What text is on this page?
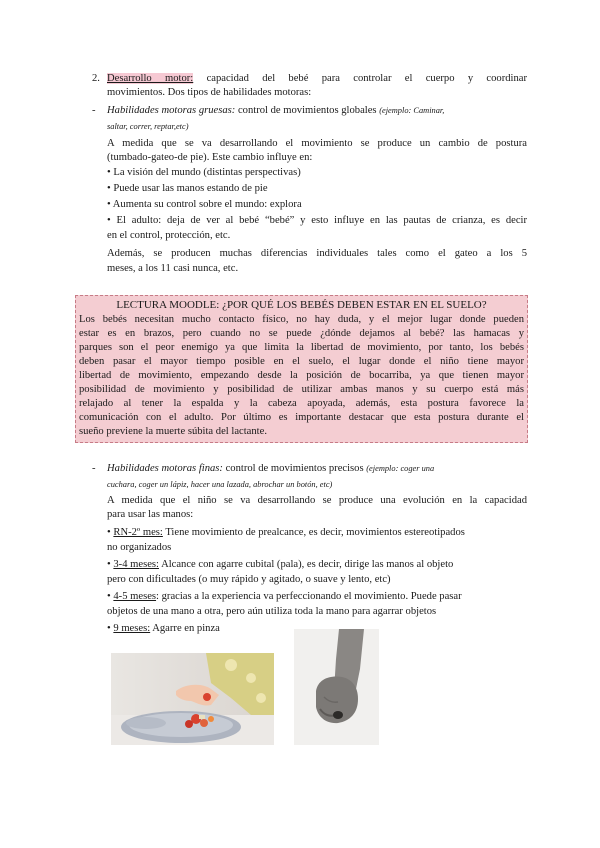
2. Desarrollo motor: capacidad del bebé para controlar el cuerpo y coordinar
movimientos. Dos tipos de habilidades motoras:
- Habilidades motoras gruesas: control de movimientos globales (ejemplo: Caminar,
saltar, correr, reptar,etc)
A medida que se va desarrollando el movimiento se produce un cambio de postura
(tumbado-gateo-de pie). Este cambio influye en:
• La visión del mundo (distintas perspectivas)
• Puede usar las manos estando de pie
• Aumenta su control sobre el mundo: explora
• El adulto: deja de ver al bebé “bebé” y esto influye en las pautas de crianza, es decir
en el control, protección, etc.
Además, se producen muchas diferencias individuales tales como el gateo a los 5
meses, a los 11 casi nunca, etc.
LECTURA MOODLE: ¿POR QUÉ LOS BEBÉS DEBEN ESTAR EN EL SUELO?
Los bebés necesitan mucho contacto físico, no hay duda, y el mejor lugar donde pueden
estar es en brazos, pero cuando no se puede ¿dónde dejamos al bebé? las hamacas y
parques son el peor enemigo ya que limita la libertad de movimiento, por tanto, los bebés
deben pasar el mayor tiempo posible en el suelo, el lugar donde el niño tiene mayor
libertad de movimiento, empezando desde la posición de bocarriba, ya que tienen mayor
posibilidad de movimiento y posibilidad de utilizar ambas manos y su cuerpo está más
relajado al tener la espalda y la cabeza apoyada, además, esta postura favorece la
comunicación con el adulto. Por último es importante destacar que esta postura durante el
sueño previene la muerte súbita del lactante.
- Habilidades motoras finas: control de movimientos precisos (ejemplo: coger una
cuchara, coger un lápiz, hacer una lazada, abrochar un botón, etc)
A medida que el niño se va desarrollando se produce una evolución en la capacidad
para usar las manos:
• RN-2º mes: Tiene movimiento de prealcance, es decir, movimientos estereotipados
no organizados
• 3-4 meses: Alcance con agarre cubital (pala), es decir, dirige las manos al objeto
pero con dificultades (o muy rápido y agitado, o suave y lento, etc)
• 4-5 meses: gracias a la experiencia va perfeccionando el movimiento. Puede pasar
objetos de una mano a otra, pero aún utiliza toda la mano para agarrar objetos
• 9 meses: Agarre en pinza
